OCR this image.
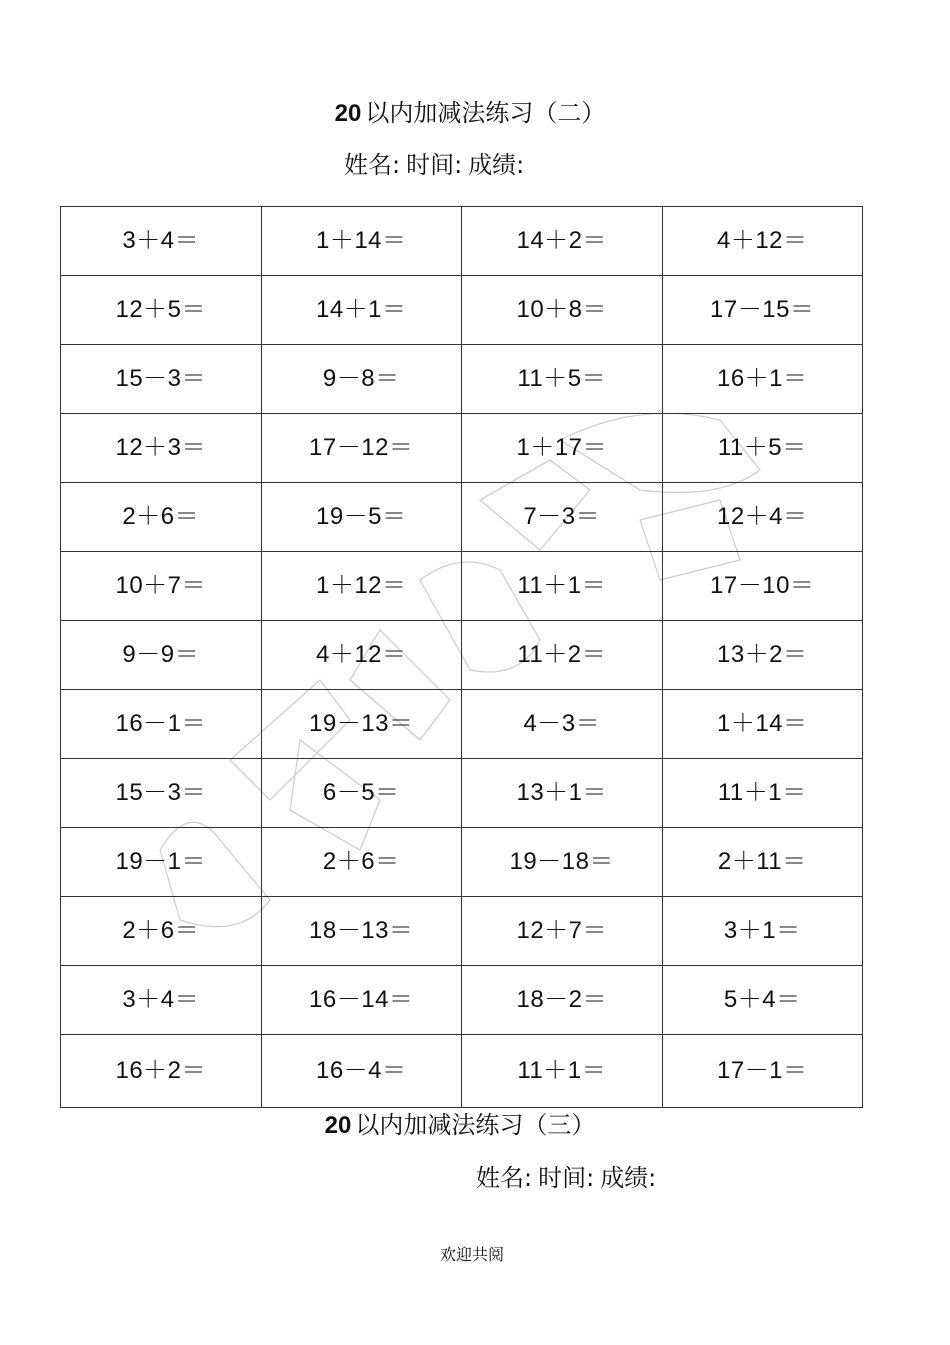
20 以内加减法练习（二）
姓名: 时间: 成绩:
3＋4＝	1＋14＝	14＋2＝	4＋12＝
12＋5＝	14＋1＝	10＋8＝	17－15＝
15－3＝	9－8＝	11＋5＝	16＋1＝
12＋3＝	17－12＝	1＋17＝	11＋5＝
2＋6＝	19－5＝	7－3＝	12＋4＝
10＋7＝	1＋12＝	11＋1＝	17－10＝
9－9＝	4＋12＝	11＋2＝	13＋2＝
16－1＝	19－13＝	4－3＝	1＋14＝
15－3＝	6－5＝	13＋1＝	11＋1＝
19－1＝	2＋6＝	19－18＝	2＋11＝
2＋6＝	18－13＝	12＋7＝	3＋1＝
3＋4＝	16－14＝	18－2＝	5＋4＝
16＋2＝	16－4＝	11＋1＝	17－1＝
20 以内加减法练习（三）
姓名: 时间: 成绩:
欢迎共阅
